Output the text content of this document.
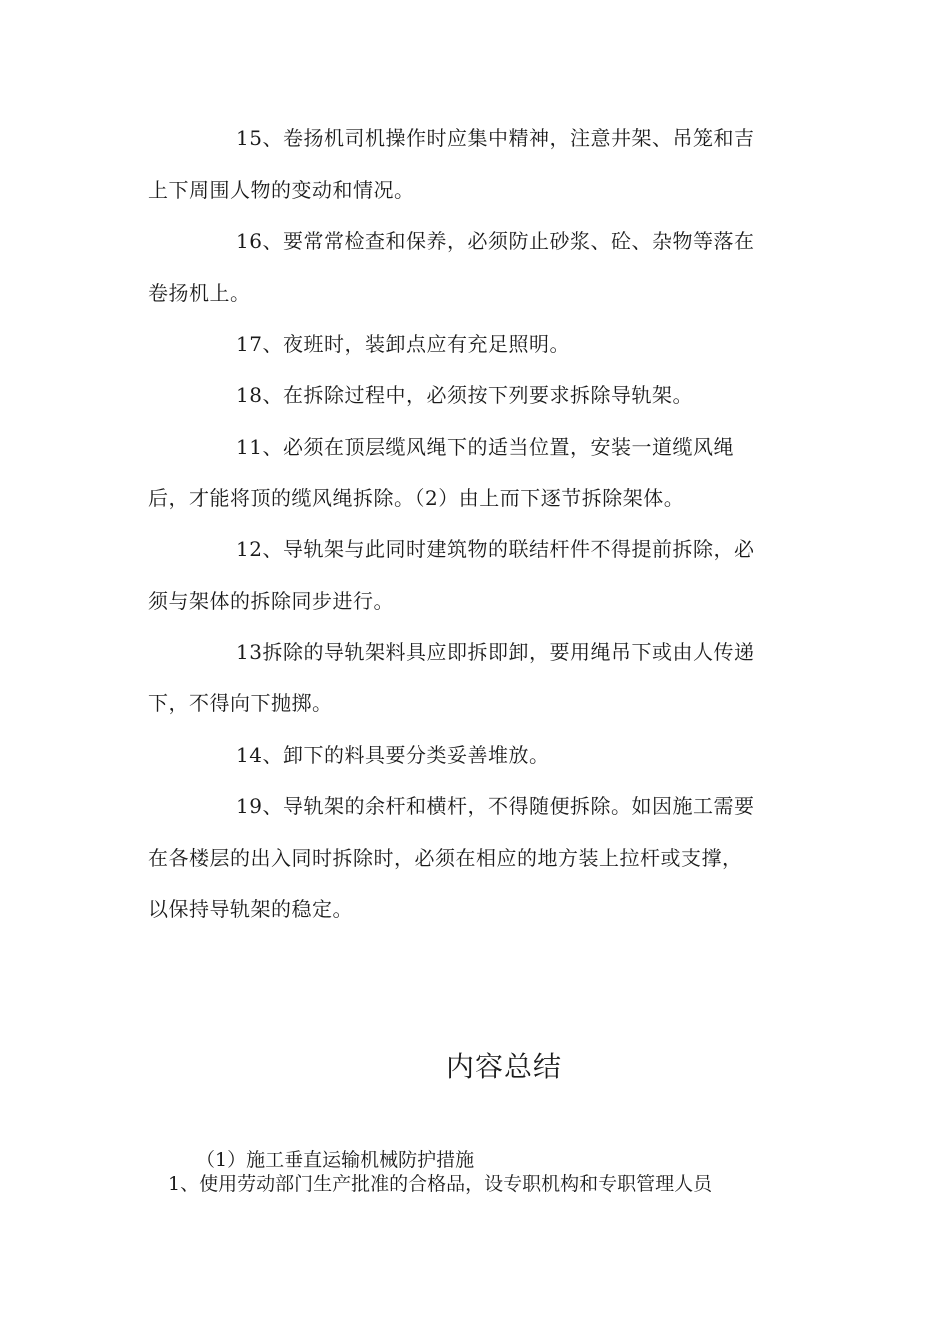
15、卷扬机司机操作时应集中精神，注意井架、吊笼和吉
上下周围人物的变动和情况。
16、要常常检查和保养，必须防止砂浆、砼、杂物等落在
卷扬机上。
17、夜班时，装卸点应有充足照明。
18、在拆除过程中，必须按下列要求拆除导轨架。
11、必须在顶层缆风绳下的适当位置，安装一道缆风绳
后，才能将顶的缆风绳拆除。（2）由上而下逐节拆除架体。
12、导轨架与此同时建筑物的联结杆件不得提前拆除，必
须与架体的拆除同步进行。
13拆除的导轨架料具应即拆即卸，要用绳吊下或由人传递
下，不得向下抛掷。
14、卸下的料具要分类妥善堆放。
19、导轨架的余杆和横杆，不得随便拆除。如因施工需要
在各楼层的出入同时拆除时，必须在相应的地方装上拉杆或支撑，
以保持导轨架的稳定。
内容总结
（1）施工垂直运输机械防护措施
1、使用劳动部门生产批准的合格品，设专职机构和专职管理人员
